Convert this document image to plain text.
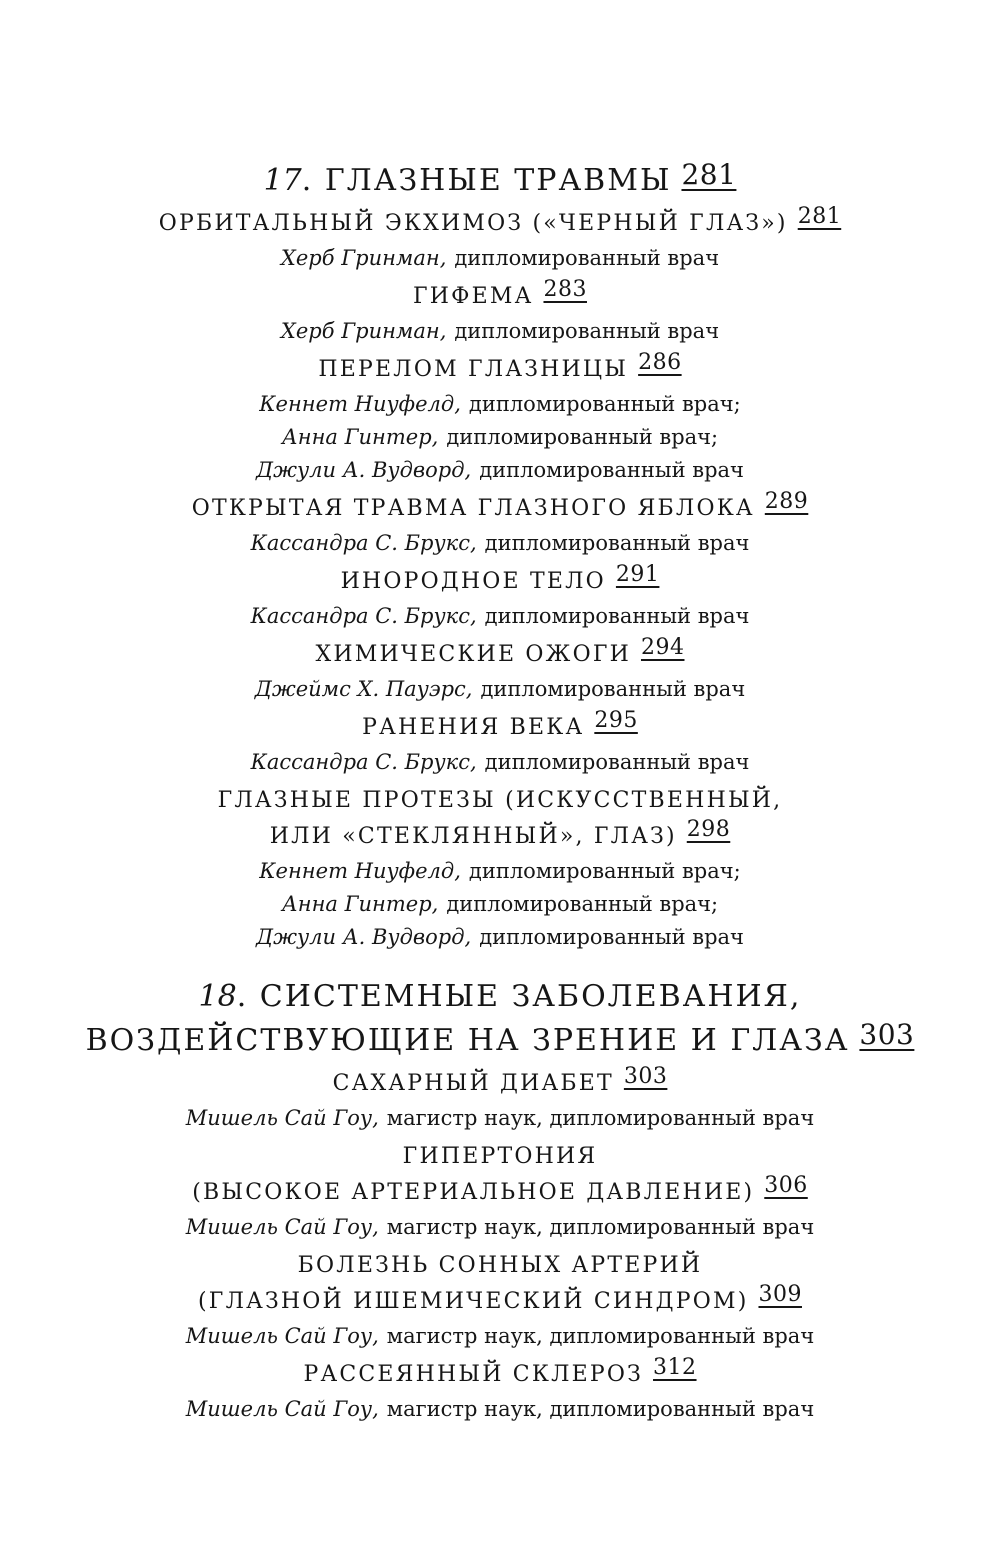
17. ГЛАЗНЫЕ ТРАВМЫ 281
ОРБИТАЛЬНЫЙ ЭКХИМОЗ («ЧЕРНЫЙ ГЛАЗ») 281
Херб Гринман, дипломированный врач
ГИФЕМА 283
Херб Гринман, дипломированный врач
ПЕРЕЛОМ ГЛАЗНИЦЫ 286
Кеннет Ниуфелд, дипломированный врач;
Анна Гинтер, дипломированный врач;
Джули А. Вудворд, дипломированный врач
ОТКРЫТАЯ ТРАВМА ГЛАЗНОГО ЯБЛОКА 289
Кассандра С. Брукс, дипломированный врач
ИНОРОДНОЕ ТЕЛО 291
Кассандра С. Брукс, дипломированный врач
ХИМИЧЕСКИЕ ОЖОГИ 294
Джеймс Х. Пауэрс, дипломированный врач
РАНЕНИЯ ВЕКА 295
Кассандра С. Брукс, дипломированный врач
ГЛАЗНЫЕ ПРОТЕЗЫ (ИСКУССТВЕННЫЙ,
ИЛИ «СТЕКЛЯННЫЙ», ГЛАЗ) 298
Кеннет Ниуфелд, дипломированный врач;
Анна Гинтер, дипломированный врач;
Джули А. Вудворд, дипломированный врач
18. СИСТЕМНЫЕ ЗАБОЛЕВАНИЯ,
ВОЗДЕЙСТВУЮЩИЕ НА ЗРЕНИЕ И ГЛАЗА 303
САХАРНЫЙ ДИАБЕТ 303
Мишель Сай Гоу, магистр наук, дипломированный врач
ГИПЕРТОНИЯ
(ВЫСОКОЕ АРТЕРИАЛЬНОЕ ДАВЛЕНИЕ) 306
Мишель Сай Гоу, магистр наук, дипломированный врач
БОЛЕЗНЬ СОННЫХ АРТЕРИЙ
(ГЛАЗНОЙ ИШЕМИЧЕСКИЙ СИНДРОМ) 309
Мишель Сай Гоу, магистр наук, дипломированный врач
РАССЕЯННЫЙ СКЛЕРОЗ 312
Мишель Сай Гоу, магистр наук, дипломированный врач
